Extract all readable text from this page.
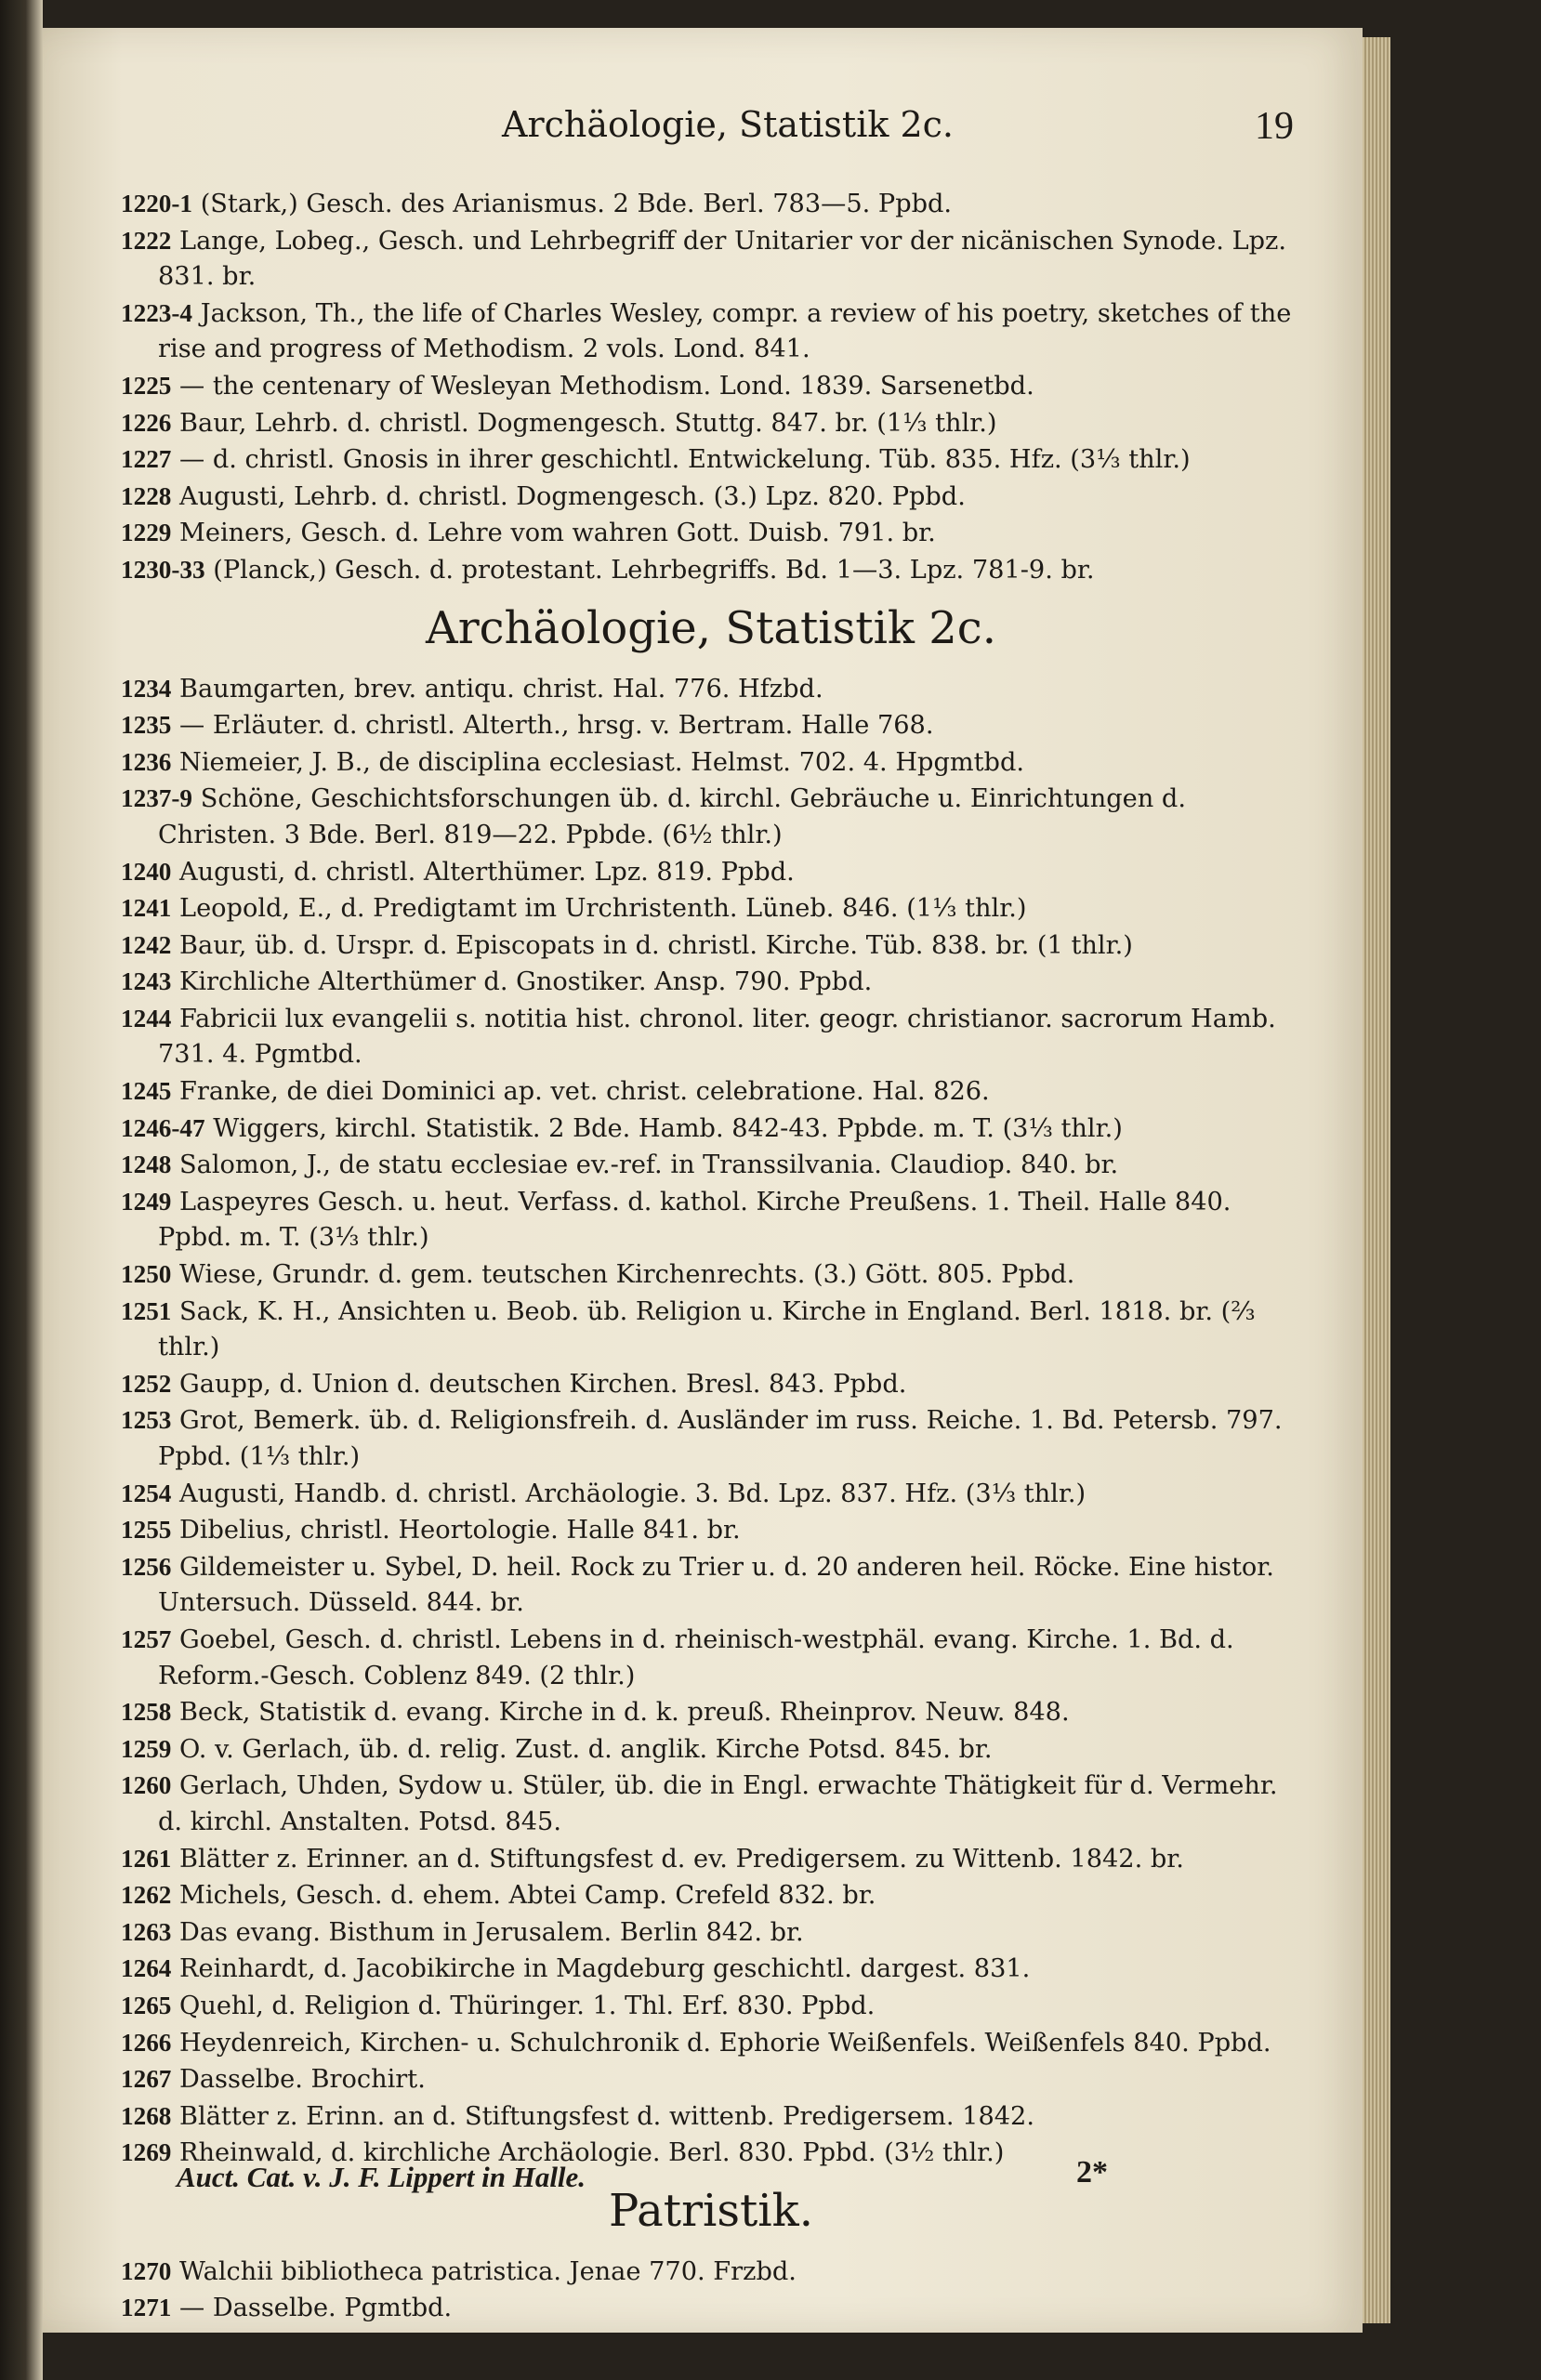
Archäologie, Statistik 2c.	19

1220-1 (Stark,) Gesch. des Arianismus. 2 Bde. Berl. 783—5. Ppbd.

1222 Lange, Lobeg., Gesch. und Lehrbegriff der Unitarier vor der nicänischen Synode. Lpz. 831. br.

1223-4 Jackson, Th., the life of Charles Wesley, compr. a review of his poetry, sketches of the rise and progress of Methodism. 2 vols. Lond. 841.

1225 — the centenary of Wesleyan Methodism. Lond. 1839. Sarsenetbd.

1226 Baur, Lehrb. d. christl. Dogmengesch. Stuttg. 847. br. (1⅓ thlr.)

1227 — d. christl. Gnosis in ihrer geschichtl. Entwickelung. Tüb. 835. Hfz. (3⅓ thlr.)

1228 Augusti, Lehrb. d. christl. Dogmengesch. (3.) Lpz. 820. Ppbd.

1229 Meiners, Gesch. d. Lehre vom wahren Gott. Duisb. 791. br.

1230-33 (Planck,) Gesch. d. protestant. Lehrbegriffs. Bd. 1—3. Lpz. 781-9. br.

Archäologie, Statistik 2c.

1234 Baumgarten, brev. antiqu. christ. Hal. 776. Hfzbd.

1235 — Erläuter. d. christl. Alterth., hrsg. v. Bertram. Halle 768.

1236 Niemeier, J. B., de disciplina ecclesiast. Helmst. 702. 4. Hpgmtbd.

1237-9 Schöne, Geschichtsforschungen üb. d. kirchl. Gebräuche u. Einrichtungen d. Christen. 3 Bde. Berl. 819—22. Ppbde. (6½ thlr.)

1240 Augusti, d. christl. Alterthümer. Lpz. 819. Ppbd.

1241 Leopold, E., d. Predigtamt im Urchristenth. Lüneb. 846. (1⅓ thlr.)

1242 Baur, üb. d. Urspr. d. Episcopats in d. christl. Kirche. Tüb. 838. br. (1 thlr.)

1243 Kirchliche Alterthümer d. Gnostiker. Ansp. 790. Ppbd.

1244 Fabricii lux evangelii s. notitia hist. chronol. liter. geogr. christianor. sacrorum Hamb. 731. 4. Pgmtbd.

1245 Franke, de diei Dominici ap. vet. christ. celebratione. Hal. 826.

1246-47 Wiggers, kirchl. Statistik. 2 Bde. Hamb. 842-43. Ppbde. m. T. (3⅓ thlr.)

1248 Salomon, J., de statu ecclesiae ev.-ref. in Transsilvania. Claudiop. 840. br.

1249 Laspeyres Gesch. u. heut. Verfass. d. kathol. Kirche Preußens. 1. Theil. Halle 840. Ppbd. m. T. (3⅓ thlr.)

1250 Wiese, Grundr. d. gem. teutschen Kirchenrechts. (3.) Gött. 805. Ppbd.

1251 Sack, K. H., Ansichten u. Beob. üb. Religion u. Kirche in England. Berl. 1818. br. (⅔ thlr.)

1252 Gaupp, d. Union d. deutschen Kirchen. Bresl. 843. Ppbd.

1253 Grot, Bemerk. üb. d. Religionsfreih. d. Ausländer im russ. Reiche. 1. Bd. Petersb. 797. Ppbd. (1⅓ thlr.)

1254 Augusti, Handb. d. christl. Archäologie. 3. Bd. Lpz. 837. Hfz. (3⅓ thlr.)

1255 Dibelius, christl. Heortologie. Halle 841. br.

1256 Gildemeister u. Sybel, D. heil. Rock zu Trier u. d. 20 anderen heil. Röcke. Eine histor. Untersuch. Düsseld. 844. br.

1257 Goebel, Gesch. d. christl. Lebens in d. rheinisch-westphäl. evang. Kirche. 1. Bd. d. Reform.-Gesch. Coblenz 849. (2 thlr.)

1258 Beck, Statistik d. evang. Kirche in d. k. preuß. Rheinprov. Neuw. 848.

1259 O. v. Gerlach, üb. d. relig. Zust. d. anglik. Kirche Potsd. 845. br.

1260 Gerlach, Uhden, Sydow u. Stüler, üb. die in Engl. erwachte Thätigkeit für d. Vermehr. d. kirchl. Anstalten. Potsd. 845.

1261 Blätter z. Erinner. an d. Stiftungsfest d. ev. Predigersem. zu Wittenb. 1842. br.

1262 Michels, Gesch. d. ehem. Abtei Camp. Crefeld 832. br.

1263 Das evang. Bisthum in Jerusalem. Berlin 842. br.

1264 Reinhardt, d. Jacobikirche in Magdeburg geschichtl. dargest. 831.

1265 Quehl, d. Religion d. Thüringer. 1. Thl. Erf. 830. Ppbd.

1266 Heydenreich, Kirchen- u. Schulchronik d. Ephorie Weißenfels. Weißenfels 840. Ppbd.

1267 Dasselbe. Brochirt.

1268 Blätter z. Erinn. an d. Stiftungsfest d. wittenb. Predigersem. 1842.

1269 Rheinwald, d. kirchliche Archäologie. Berl. 830. Ppbd. (3½ thlr.)

Patristik.

1270 Walchii bibliotheca patristica. Jenae 770. Frzbd.

1271 — Dasselbe. Pgmtbd.

Auct. Cat. v. J. F. Lippert in Halle.	2*
